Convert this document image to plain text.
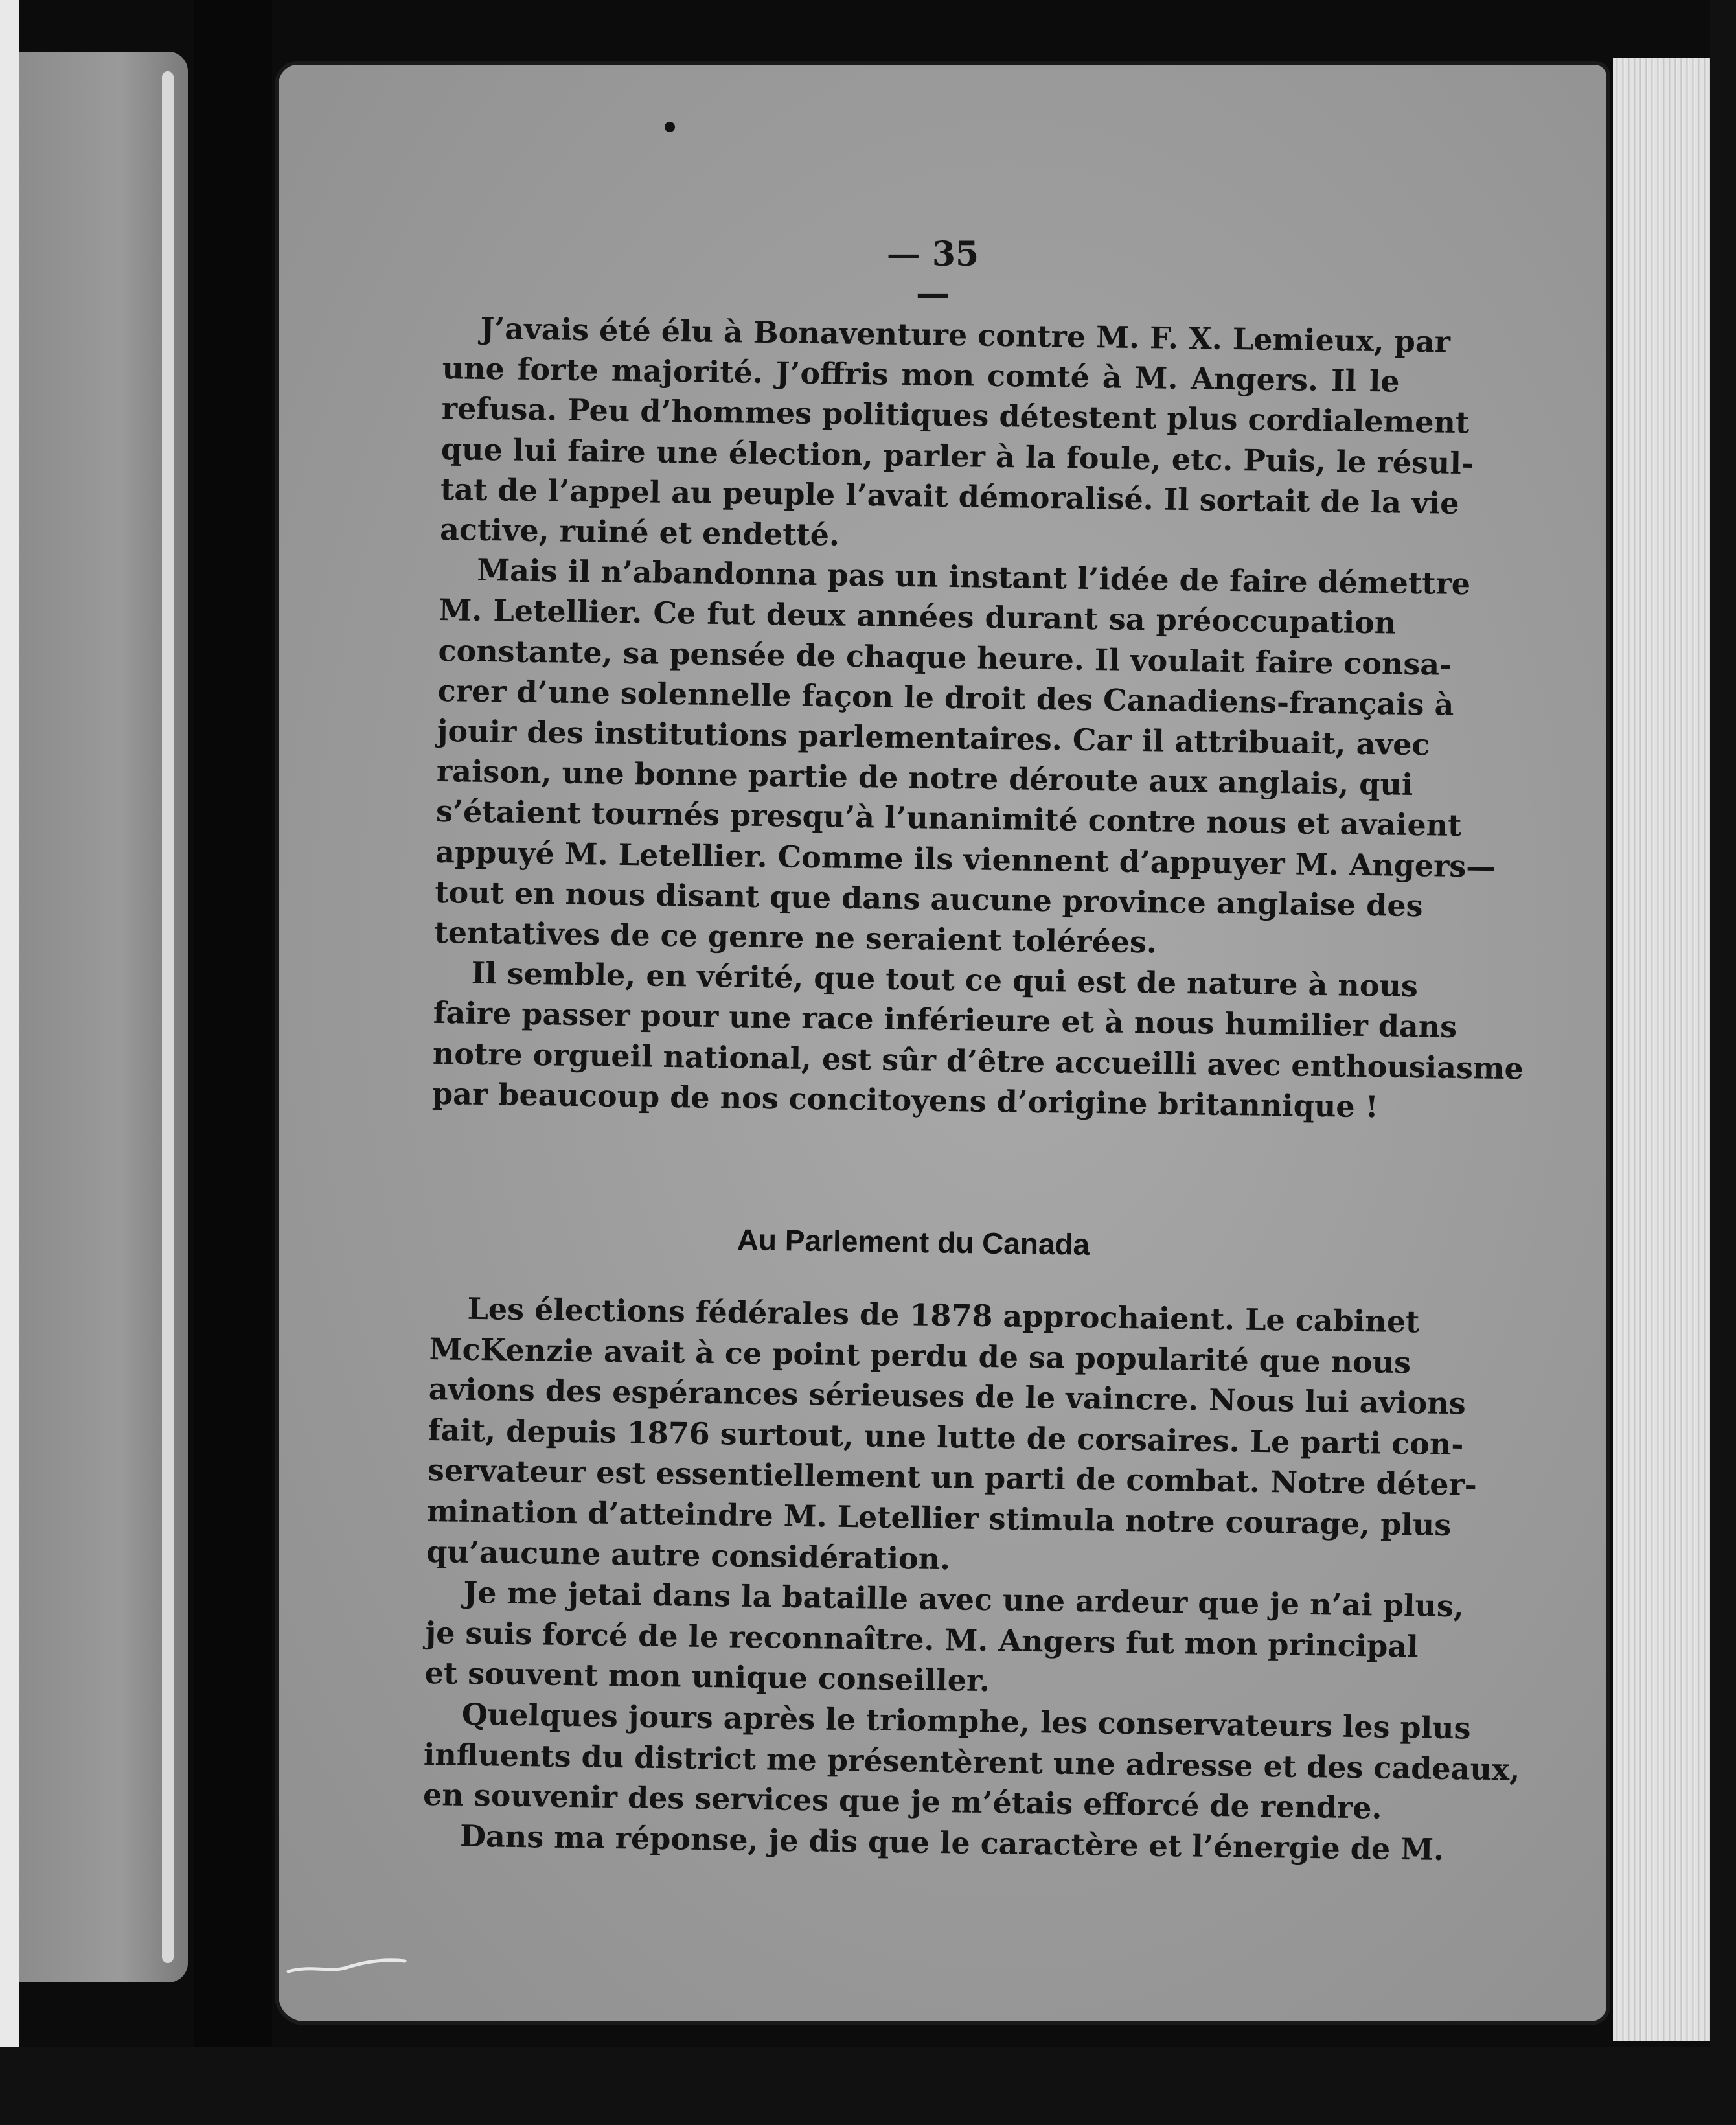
— 35 —
J’avais été élu à Bonaventure contre M. F. X. Lemieux, par
une forte majorité. J’offris mon comté à M. Angers. Il le
refusa. Peu d’hommes politiques détestent plus cordialement
que lui faire une élection, parler à la foule, etc. Puis, le résul-
tat de l’appel au peuple l’avait démoralisé. Il sortait de la vie
active, ruiné et endetté.
Mais il n’abandonna pas un instant l’idée de faire démettre
M. Letellier. Ce fut deux années durant sa préoccupation
constante, sa pensée de chaque heure. Il voulait faire consa-
crer d’une solennelle façon le droit des Canadiens-français à
jouir des institutions parlementaires. Car il attribuait, avec
raison, une bonne partie de notre déroute aux anglais, qui
s’étaient tournés presqu’à l’unanimité contre nous et avaient
appuyé M. Letellier. Comme ils viennent d’appuyer M. Angers—
tout en nous disant que dans aucune province anglaise des
tentatives de ce genre ne seraient tolérées.
Il semble, en vérité, que tout ce qui est de nature à nous
faire passer pour une race inférieure et à nous humilier dans
notre orgueil national, est sûr d’être accueilli avec enthousiasme
par beaucoup de nos concitoyens d’origine britannique !
Au Parlement du Canada
Les élections fédérales de 1878 approchaient. Le cabinet
McKenzie avait à ce point perdu de sa popularité que nous
avions des espérances sérieuses de le vaincre. Nous lui avions
fait, depuis 1876 surtout, une lutte de corsaires. Le parti con-
servateur est essentiellement un parti de combat. Notre déter-
mination d’atteindre M. Letellier stimula notre courage, plus
qu’aucune autre considération.
Je me jetai dans la bataille avec une ardeur que je n’ai plus,
je suis forcé de le reconnaître. M. Angers fut mon principal
et souvent mon unique conseiller.
Quelques jours après le triomphe, les conservateurs les plus
influents du district me présentèrent une adresse et des cadeaux,
en souvenir des services que je m’étais efforcé de rendre.
Dans ma réponse, je dis que le caractère et l’énergie de M.
